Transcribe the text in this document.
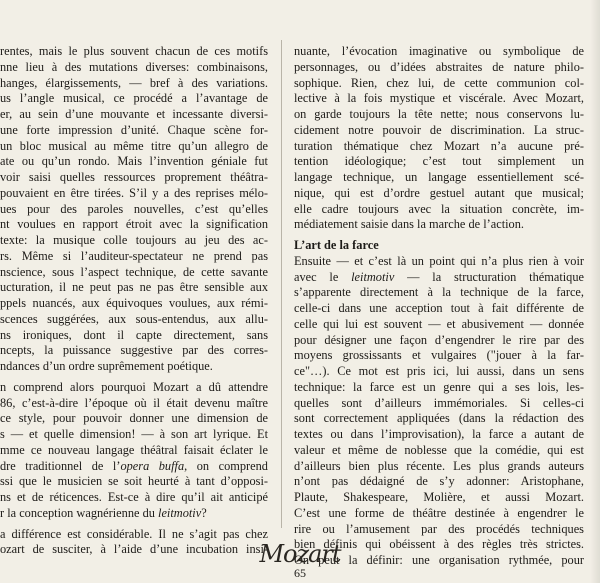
rentes, mais le plus souvent chacun de ces motifs
nne lieu à des mutations diverses: combinaisons,
hanges, élargissements, — bref à des variations.
us l’angle musical, ce procédé a l’avantage de
er, au sein d’une mouvante et incessante diversi-
une forte impression d’unité. Chaque scène for-
un bloc musical au même titre qu’un allegro de
ate ou qu’un rondo. Mais l’invention géniale fut
voir saisi quelles ressources proprement théâtra-
pouvaient en être tirées. S’il y a des reprises mélo-
ues pour des paroles nouvelles, c’est qu’elles
nt voulues en rapport étroit avec la signification
texte: la musique colle toujours au jeu des ac-
rs. Même si l’auditeur-spectateur ne prend pas
nscience, sous l’aspect technique, de cette savante
ucturation, il ne peut pas ne pas être sensible aux
ppels nuancés, aux équivoques voulues, aux rémi-
scences suggérées, aux sous-entendus, aux allu-
ns ironiques, dont il capte directement, sans
ncepts, la puissance suggestive par des corres-
ndances d’un ordre suprêmement poétique.
n comprend alors pourquoi Mozart a dû attendre
86, c’est-à-dire l’époque où il était devenu maître
ce style, pour pouvoir donner une dimension de
s — et quelle dimension! — à son art lyrique. Et
mme ce nouveau langage théâtral faisait éclater le
dre traditionnel de l’opera buffa, on comprend
ssi que le musicien se soit heurté à tant d’opposi-
ns et de réticences. Est-ce à dire qu’il ait anticipé
r la conception wagnérienne du leitmotiv?
a différence est considérable. Il ne s’agit pas chez
ozart de susciter, à l’aide d’une incubation insi-
nuante, l’évocation imaginative ou symbolique de
personnages, ou d’idées abstraites de nature philo-
sophique. Rien, chez lui, de cette communion col-
lective à la fois mystique et viscérale. Avec Mozart,
on garde toujours la tête nette; nous conservons lu-
cidement notre pouvoir de discrimination. La struc-
turation thématique chez Mozart n’a aucune pré-
tention idéologique; c’est tout simplement un
langage technique, un langage essentiellement scé-
nique, qui est d’ordre gestuel autant que musical;
elle cadre toujours avec la situation concrète, im-
médiatement saisie dans la marche de l’action.
L’art de la farce
Ensuite — et c’est là un point qui n’a plus rien à voir
avec le leitmotiv — la structuration thématique
s’apparente directement à la technique de la farce,
celle-ci dans une acception tout à fait différente de
celle qui lui est souvent — et abusivement — donnée
pour désigner une façon d’engendrer le rire par des
moyens grossissants et vulgaires ("jouer à la far-
ce"…). Ce mot est pris ici, lui aussi, dans un sens
technique: la farce est un genre qui a ses lois, les-
quelles sont d’ailleurs immémoriales. Si celles-ci
sont correctement appliquées (dans la rédaction des
textes ou dans l’improvisation), la farce a autant de
valeur et même de noblesse que la comédie, qui est
d’ailleurs bien plus récente. Les plus grands auteurs
n’ont pas dédaigné de s’y adonner: Aristophane,
Plaute, Shakespeare, Molière, et aussi Mozart.
C’est une forme de théâtre destinée à engendrer le
rire ou l’amusement par des procédés techniques
bien définis qui obéissent à des règles très strictes.
On peut la définir: une organisation rythmée, pour
Mozart
65
